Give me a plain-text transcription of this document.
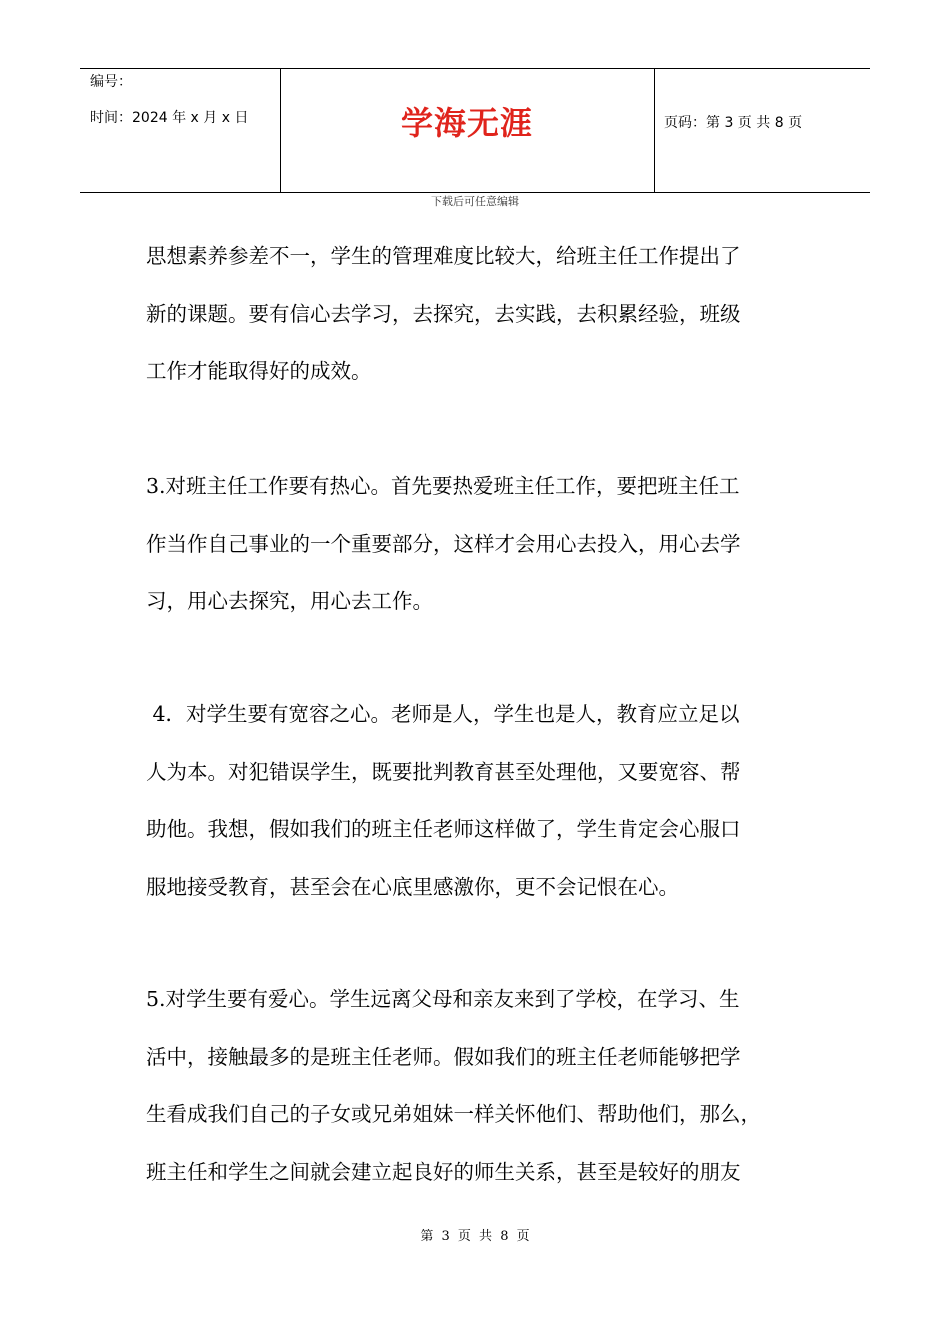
编号：
时间：2024 年 x 月 x 日	学海无涯	页码：第 3 页 共 8 页
下载后可任意编辑
思想素养参差不一，学生的管理难度比较大，给班主任工作提出了
新的课题。要有信心去学习，去探究，去实践，去积累经验，班级
工作才能取得好的成效。
3.对班主任工作要有热心。首先要热爱班主任工作，要把班主任工
作当作自己事业的一个重要部分，这样才会用心去投入，用心去学
习，用心去探究，用心去工作。
4．对学生要有宽容之心。老师是人，学生也是人，教育应立足以
人为本。对犯错误学生，既要批判教育甚至处理他，又要宽容、帮
助他。我想，假如我们的班主任老师这样做了，学生肯定会心服口
服地接受教育，甚至会在心底里感激你，更不会记恨在心。
5.对学生要有爱心。学生远离父母和亲友来到了学校，在学习、生
活中，接触最多的是班主任老师。假如我们的班主任老师能够把学
生看成我们自己的子女或兄弟姐妹一样关怀他们、帮助他们，那么，
班主任和学生之间就会建立起良好的师生关系，甚至是较好的朋友
第 3 页 共 8 页
